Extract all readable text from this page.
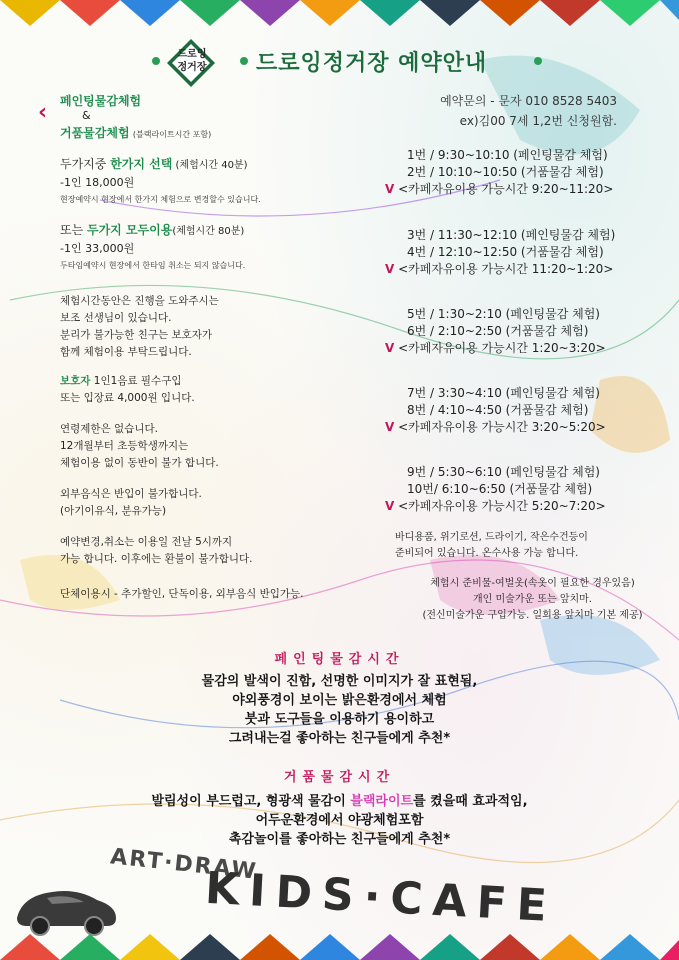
드로잉
정거장	드로잉정거장 예약안내
예약문의 - 문자 010 8528 5403
ex)김00 7세 1,2번 신청원함.
‹ 페인팅물감체험
&
거품물감체험 (블랙라이트시간 포함)
두가지중 한가지 선택 (체험시간 40분)
-1인 18,000원
현장예약시 현장에서 한가지 체험으로 변경할수 있습니다.
또는 두가지 모두이용(체험시간 80분)
-1인 33,000원
두타임예약시 현장에서 한타임 취소는 되지 않습니다.
체험시간동안은 진행을 도와주시는
보조 선생님이 있습니다.
분리가 불가능한 친구는 보호자가
함께 체험이용 부탁드립니다.
보호자 1인1음료 필수구입
또는 입장료 4,000원 입니다.
연령제한은 없습니다.
12개월부터 초등학생까지는
체험이용 없이 동반이 불가 합니다.
외부음식은 반입이 불가합니다.
(아기이유식, 분유가능)
예약변경,취소는 이용일 전날 5시까지
가능 합니다. 이후에는 환불이 불가합니다.
단체이용시 - 추가할인, 단독이용, 외부음식 반입가능.
1번 / 9:30~10:10 (페인팅물감 체험)
2번 / 10:10~10:50 (거품물감 체험)
V <카페자유이용 가능시간 9:20~11:20>
3번 / 11:30~12:10 (페인팅물감 체험)
4번 / 12:10~12:50 (거품물감 체험)
V <카페자유이용 가능시간 11:20~1:20>
5번 / 1:30~2:10 (페인팅물감 체험)
6번 / 2:10~2:50 (거품물감 체험)
V <카페자유이용 가능시간 1:20~3:20>
7번 / 3:30~4:10 (페인팅물감 체험)
8번 / 4:10~4:50 (거품물감 체험)
V <카페자유이용 가능시간 3:20~5:20>
9번 / 5:30~6:10 (페인팅물감 체험)
10번/ 6:10~6:50 (거품물감 체험)
V <카페자유이용 가능시간 5:20~7:20>
바디용품, 위기로션, 드라이기, 작은수건등이
준비되어 있습니다. 온수사용 가능 합니다.
체험시 준비물-여벌옷(속옷이 필요한 경우있음)
개인 미술가운 또는 앞치마.
(전신미술가운 구입가능. 일회용 앞치마 기본 제공)
페인팅물감시간
물감의 발색이 진함, 선명한 이미지가 잘 표현됨,
야외풍경이 보이는 밝은환경에서 체험
붓과 도구들을 이용하기 용이하고
그려내는걸 좋아하는 친구들에게 추천*
거품물감시간
발림성이 부드럽고, 형광색 물감이 블랙라이트를 켰을때 효과적임,
어두운환경에서 야광체험포함
촉감놀이를 좋아하는 친구들에게 추천*
ART·DRAW
KIDS·CAFE
